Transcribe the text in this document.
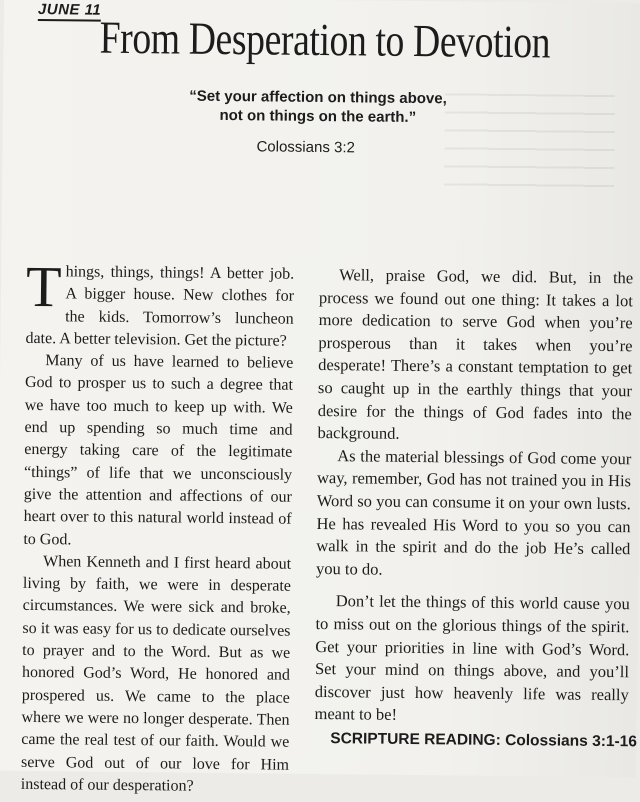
JUNE 11
From Desperation to Devotion
“Set your affection on things above,
not on things on the earth.”
Colossians 3:2

Things, things, things! A better job. A bigger house. New clothes for the kids. Tomorrow’s luncheon date. A better television. Get the picture?

Many of us have learned to believe God to prosper us to such a degree that we have too much to keep up with. We end up spending so much time and energy taking care of the legitimate “things” of life that we unconsciously give the attention and affections of our heart over to this natural world instead of to God.

When Kenneth and I first heard about living by faith, we were in desperate circumstances. We were sick and broke, so it was easy for us to dedicate ourselves to prayer and to the Word. But as we honored God’s Word, He honored and prospered us. We came to the place where we were no longer desperate. Then came the real test of our faith. Would we serve God out of our love for Him instead of our desperation?

Well, praise God, we did. But, in the process we found out one thing: It takes a lot more dedication to serve God when you’re prosperous than it takes when you’re desperate! There’s a constant temptation to get so caught up in the earthly things that your desire for the things of God fades into the background.

As the material blessings of God come your way, remember, God has not trained you in His Word so you can consume it on your own lusts. He has revealed His Word to you so you can walk in the spirit and do the job He’s called you to do.

Don’t let the things of this world cause you to miss out on the glorious things of the spirit. Get your priorities in line with God’s Word. Set your mind on things above, and you’ll discover just how heavenly life was really meant to be!

SCRIPTURE READING: Colossians 3:1-16
